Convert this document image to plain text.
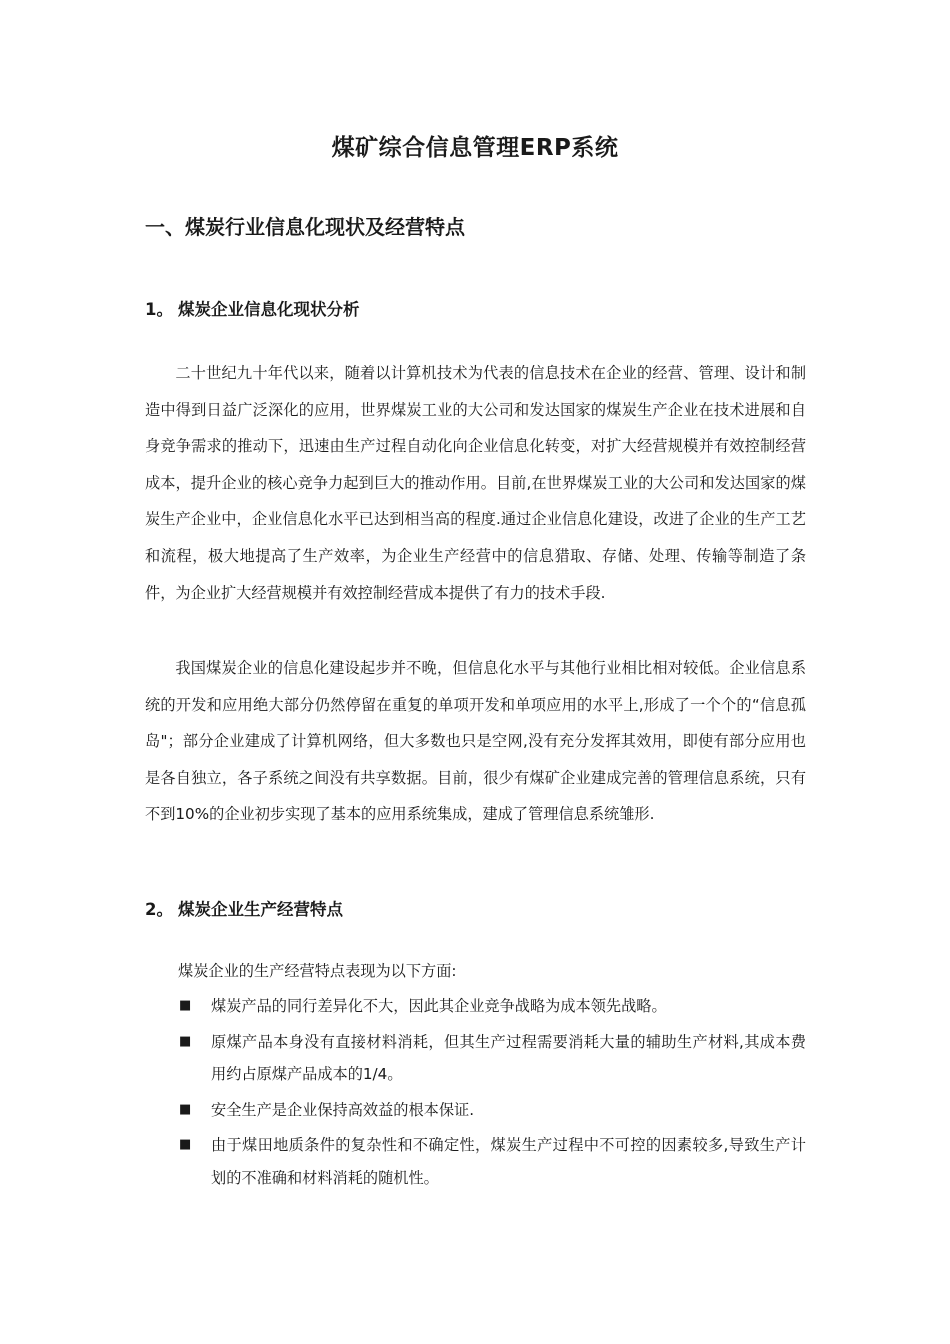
煤矿综合信息管理ERP系统
一、煤炭行业信息化现状及经营特点
1。 煤炭企业信息化现状分析

二十世纪九十年代以来，随着以计算机技术为代表的信息技术在企业的经营、管理、设计和制造中得到日益广泛深化的应用，世界煤炭工业的大公司和发达国家的煤炭生产企业在技术进展和自身竞争需求的推动下，迅速由生产过程自动化向企业信息化转变，对扩大经营规模并有效控制经营成本，提升企业的核心竞争力起到巨大的推动作用。目前,在世界煤炭工业的大公司和发达国家的煤炭生产企业中，企业信息化水平已达到相当高的程度.通过企业信息化建设，改进了企业的生产工艺和流程，极大地提高了生产效率，为企业生产经营中的信息猎取、存储、处理、传输等制造了条件，为企业扩大经营规模并有效控制经营成本提供了有力的技术手段.

我国煤炭企业的信息化建设起步并不晚，但信息化水平与其他行业相比相对较低。企业信息系统的开发和应用绝大部分仍然停留在重复的单项开发和单项应用的水平上,形成了一个个的“信息孤岛"；部分企业建成了计算机网络，但大多数也只是空网,没有充分发挥其效用，即使有部分应用也是各自独立，各子系统之间没有共享数据。目前，很少有煤矿企业建成完善的管理信息系统，只有不到10%的企业初步实现了基本的应用系统集成，建成了管理信息系统雏形.

2。 煤炭企业生产经营特点

煤炭企业的生产经营特点表现为以下方面:

■ 煤炭产品的同行差异化不大，因此其企业竞争战略为成本领先战略。
■ 原煤产品本身没有直接材料消耗，但其生产过程需要消耗大量的辅助生产材料,其成本费用约占原煤产品成本的1/4。
■ 安全生产是企业保持高效益的根本保证.
■ 由于煤田地质条件的复杂性和不确定性，煤炭生产过程中不可控的因素较多,导致生产计划的不准确和材料消耗的随机性。
